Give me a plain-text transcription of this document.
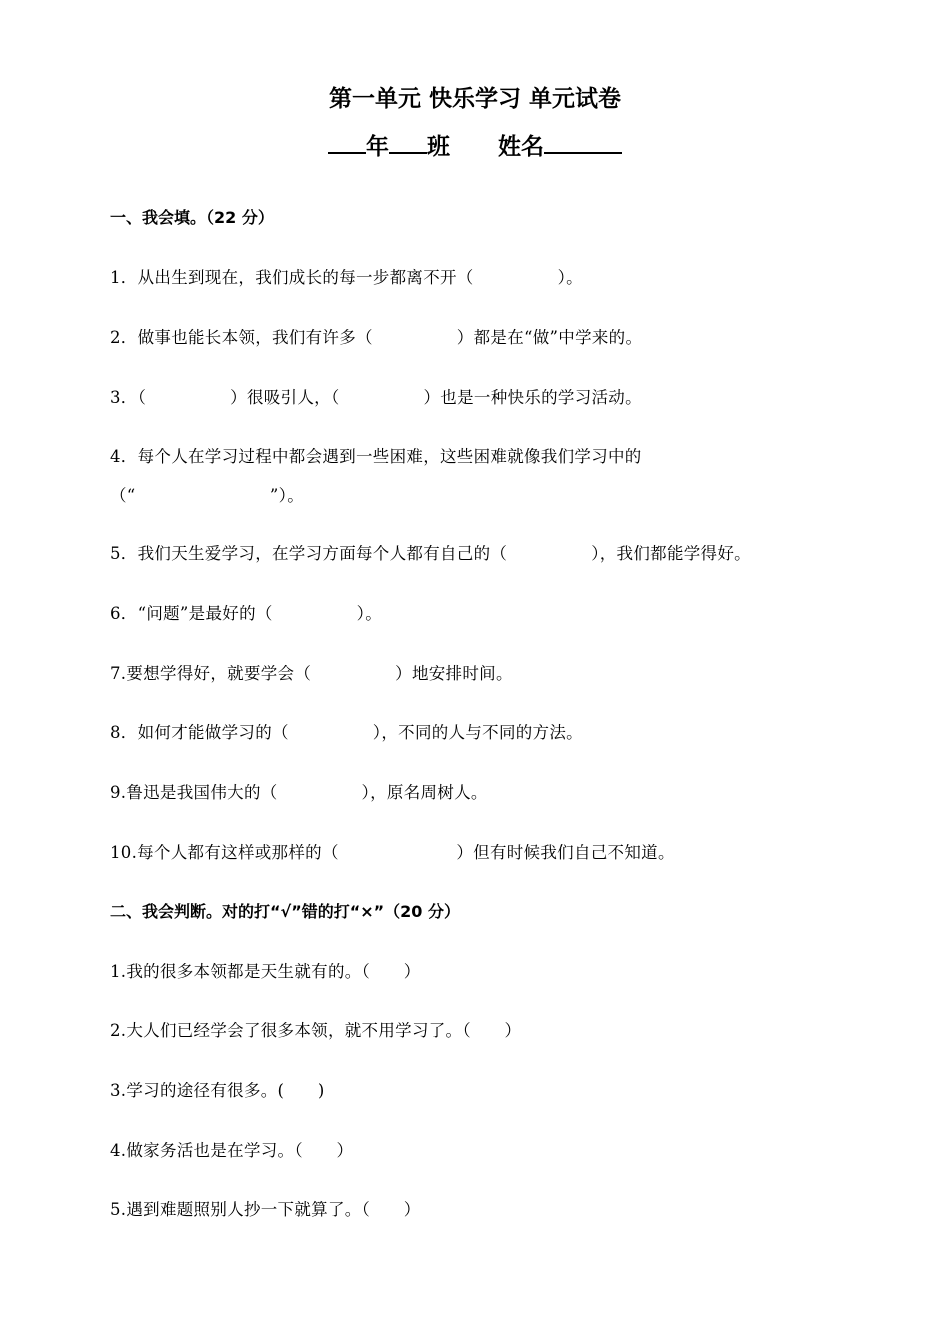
第一单元 快乐学习 单元试卷
年 班 姓名
一、我会填。（22 分）
1．从出生到现在，我们成长的每一步都离不开（　　　　　）。
2．做事也能长本领，我们有许多（　　　　　）都是在“做”中学来的。
3．（　　　　　）很吸引人，（　　　　　）也是一种快乐的学习活动。
4．每个人在学习过程中都会遇到一些困难，这些困难就像我们学习中的
（“　　　　　　　　”）。
5．我们天生爱学习，在学习方面每个人都有自己的（　　　　　），我们都能学得好。
6．“问题”是最好的（　　　　　）。
7.要想学得好，就要学会（　　　　　）地安排时间。
8．如何才能做学习的（　　　　　），不同的人与不同的方法。
9.鲁迅是我国伟大的（　　　　　），原名周树人。
10.每个人都有这样或那样的（　　　　　　　）但有时候我们自己不知道。
二、我会判断。对的打“√”错的打“×”（20 分）
1.我的很多本领都是天生就有的。（　　）
2.大人们已经学会了很多本领，就不用学习了。（　　）
3.学习的途径有很多。(　　)
4.做家务活也是在学习。（　　）
5.遇到难题照别人抄一下就算了。（　　）
